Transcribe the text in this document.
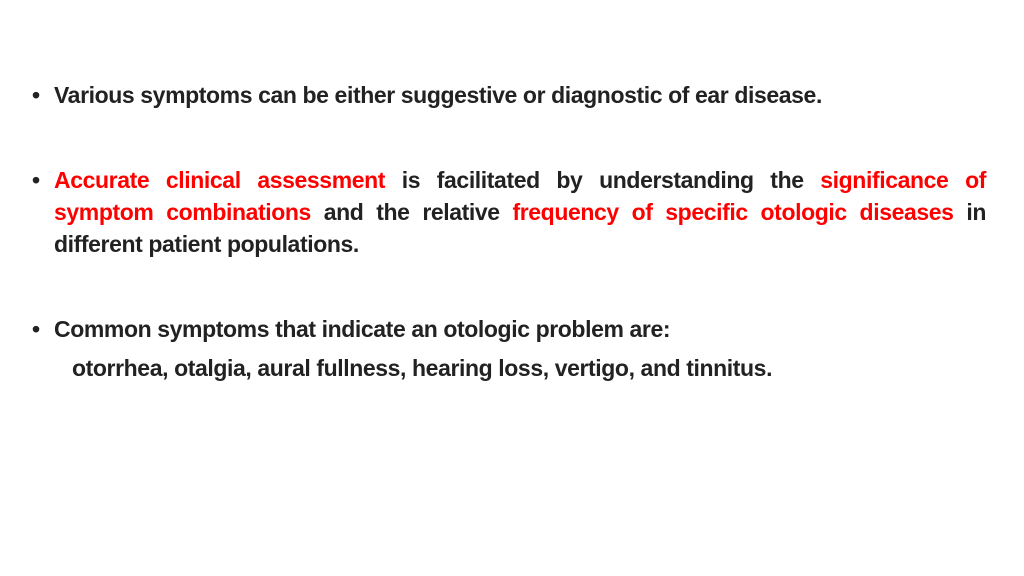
• Various symptoms can be either suggestive or diagnostic of ear disease.
• Accurate clinical assessment is facilitated by understanding the significance of symptom combinations and the relative frequency of specific otologic diseases in different patient populations.
• Common symptoms that indicate an otologic problem are:
otorrhea, otalgia, aural fullness, hearing loss, vertigo, and tinnitus.
